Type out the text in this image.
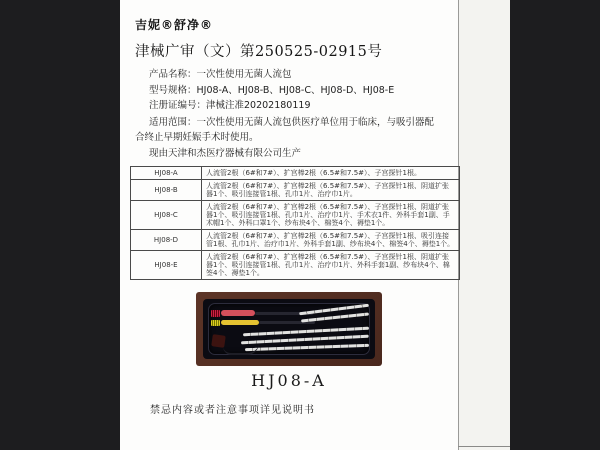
吉妮®舒净®
津械广审（文）第250525-02915号
产品名称：一次性使用无菌人流包
型号规格：HJ08-A、HJ08-B、HJ08-C、HJ08-D、HJ08-E
注册证编号：津械注准20202180119
适用范围：一次性使用无菌人流包供医疗单位用于临床，与吸引器配合终止早期妊娠手术时使用。
现由天津和杰医疗器械有限公司生产
HJ08-A	人流管2根（6#和7#）、扩宫棒2根（6.5#和7.5#）、子宫探针1根。
HJ08-B	人流管2根（6#和7#）、扩宫棒2根（6.5#和7.5#）、子宫探针1根、阴道扩张器1个、吸引连接管1根、孔巾1片、治疗巾1片。
HJ08-C	人流管2根（6#和7#）、扩宫棒2根（6.5#和7.5#）、子宫探针1根、阴道扩张器1个、吸引连接管1根、孔巾1片、治疗巾1片、手术衣1件、外科手套1副、手术帽1个、外科口罩1个、纱布块4个、棉签4个、褥垫1个。
HJ08-D	人流管2根（6#和7#）、扩宫棒2根（6.5#和7.5#）、子宫探针1根、吸引连接管1根、孔巾1片、治疗巾1片、外科手套1副、纱布块4个、棉签4个、褥垫1个。
HJ08-E	人流管2根（6#和7#）、扩宫棒2根（6.5#和7.5#）、子宫探针1根、阴道扩张器1个、吸引连接管1根、孔巾1片、治疗巾1片、外科手套1副、纱布块4个、棉签4个、褥垫1个。
HJ08-A
禁忌内容或者注意事项详见说明书
